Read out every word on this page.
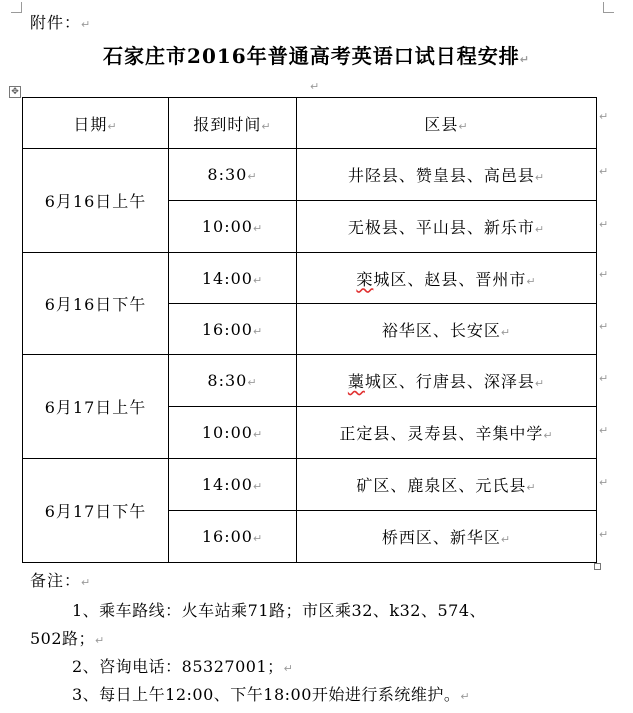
附件：↵
石家庄市2016年普通高考英语口试日程安排↵
✥	↵
日期↵	报到时间↵	区县↵
6月16日上午	8:30↵	井陉县、赞皇县、高邑县↵
	10:00↵	无极县、平山县、新乐市↵
6月16日下午	14:00↵	栾城区、赵县、晋州市↵
	16:00↵	裕华区、长安区↵
6月17日上午	8:30↵	藁城区、行唐县、深泽县↵
	10:00↵	正定县、灵寿县、辛集中学↵
6月17日下午	14:00↵	矿区、鹿泉区、元氏县↵
	16:00↵	桥西区、新华区↵
↵
↵
↵
↵
↵
↵
↵
↵
↵
备注：↵
1、乘车路线：火车站乘71路；市区乘32、k32、574、
502路；↵
2、咨询电话：85327001；↵
3、每日上午12:00、下午18:00开始进行系统维护。↵
